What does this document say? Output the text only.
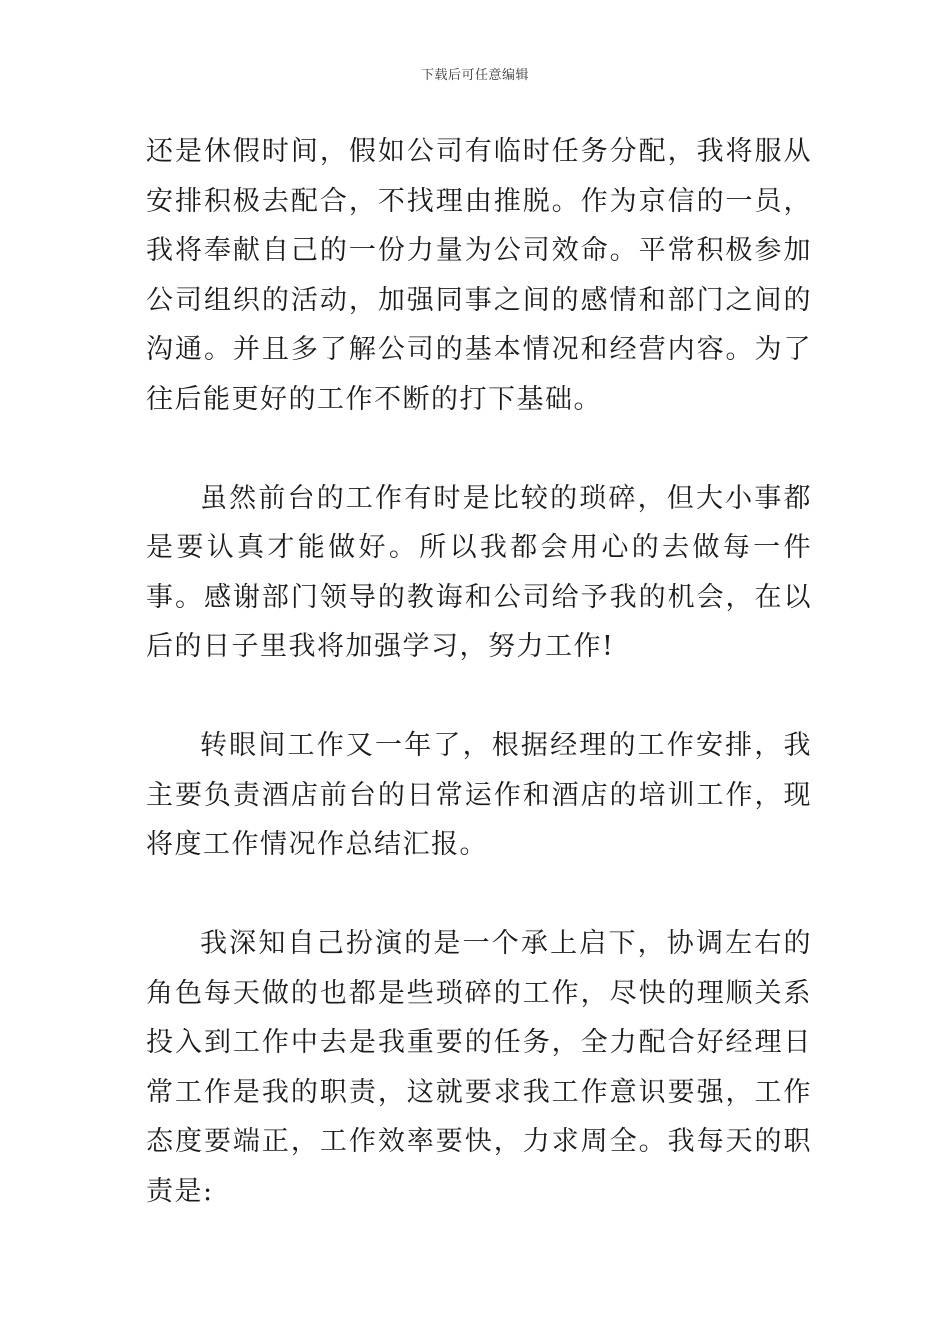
下载后可任意编辑

还是休假时间，假如公司有临时任务分配，我将服从安排积极去配合，不找理由推脱。作为京信的一员，我将奉献自己的一份力量为公司效命。平常积极参加公司组织的活动，加强同事之间的感情和部门之间的沟通。并且多了解公司的基本情况和经营内容。为了往后能更好的工作不断的打下基础。

虽然前台的工作有时是比较的琐碎，但大小事都是要认真才能做好。所以我都会用心的去做每一件事。感谢部门领导的教诲和公司给予我的机会，在以后的日子里我将加强学习，努力工作!

转眼间工作又一年了，根据经理的工作安排，我主要负责酒店前台的日常运作和酒店的培训工作，现将度工作情况作总结汇报。

我深知自己扮演的是一个承上启下，协调左右的角色每天做的也都是些琐碎的工作，尽快的理顺关系投入到工作中去是我重要的任务，全力配合好经理日常工作是我的职责，这就要求我工作意识要强，工作态度要端正，工作效率要快，力求周全。我每天的职责是:
